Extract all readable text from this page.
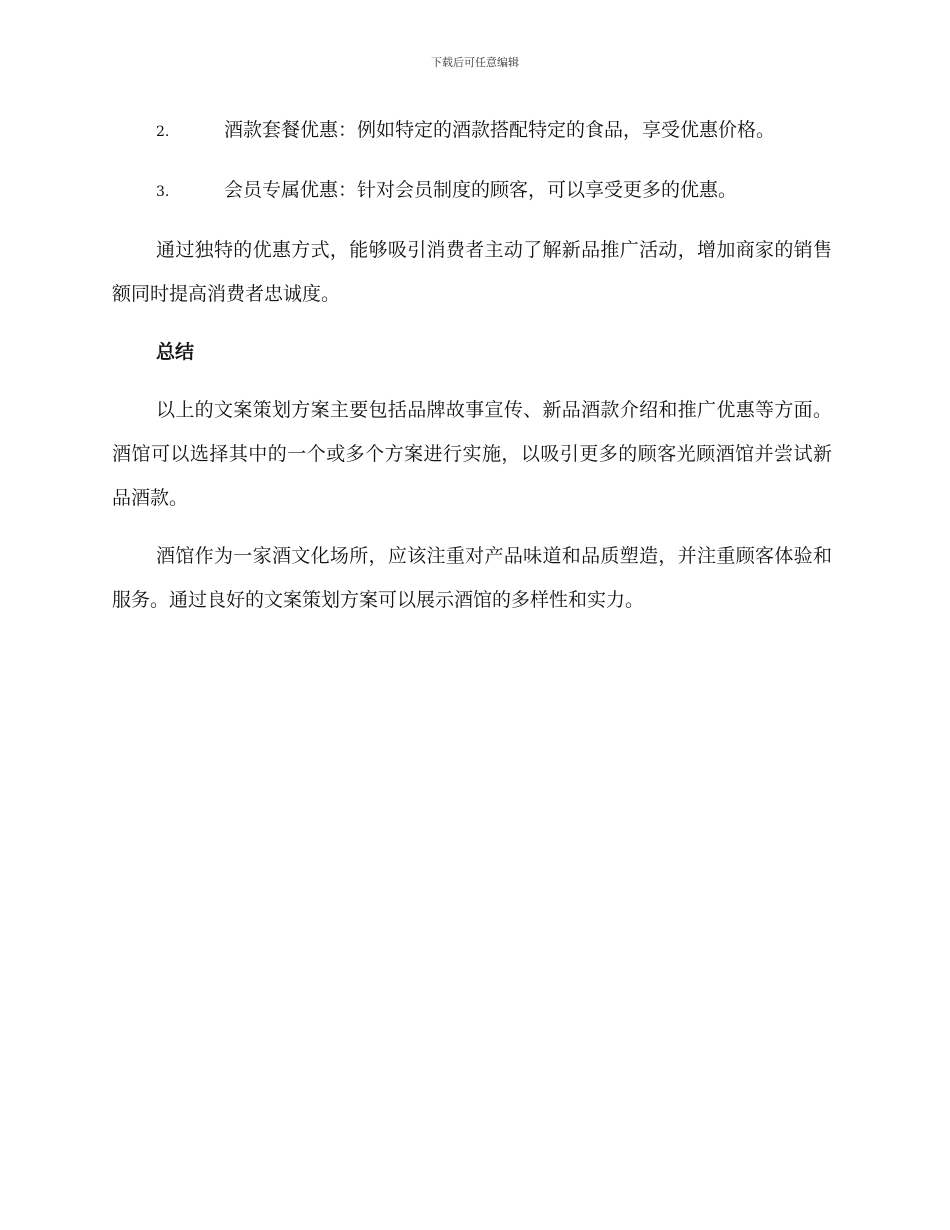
下载后可任意编辑
2.	酒款套餐优惠：例如特定的酒款搭配特定的食品，享受优惠价格。
3.	会员专属优惠：针对会员制度的顾客，可以享受更多的优惠。

通过独特的优惠方式，能够吸引消费者主动了解新品推广活动，增加商家的销售额同时提高消费者忠诚度。

总结

以上的文案策划方案主要包括品牌故事宣传、新品酒款介绍和推广优惠等方面。酒馆可以选择其中的一个或多个方案进行实施，以吸引更多的顾客光顾酒馆并尝试新品酒款。

酒馆作为一家酒文化场所，应该注重对产品味道和品质塑造，并注重顾客体验和服务。通过良好的文案策划方案可以展示酒馆的多样性和实力。
